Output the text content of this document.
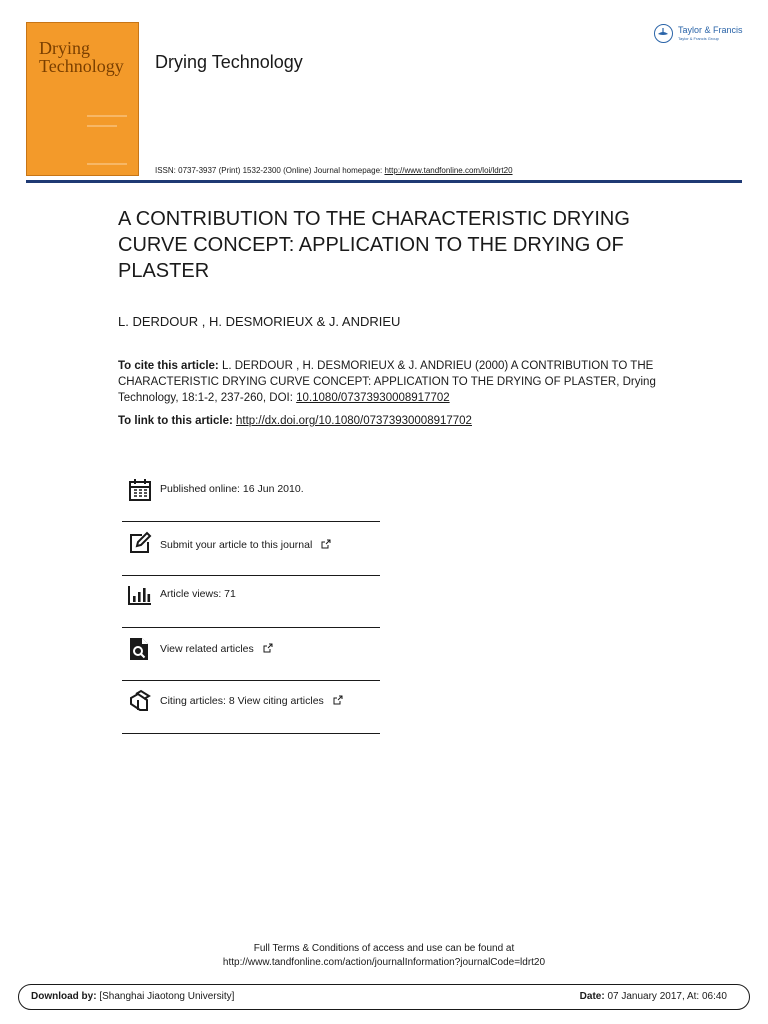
Drying
Technology Drying Technology
Taylor & Francis
Taylor & Francis Group
ISSN: 0737-3937 (Print) 1532-2300 (Online) Journal homepage: http://www.tandfonline.com/loi/ldrt20
A CONTRIBUTION TO THE CHARACTERISTIC DRYING CURVE CONCEPT: APPLICATION TO THE DRYING OF PLASTER
L. DERDOUR , H. DESMORIEUX & J. ANDRIEU
To cite this article: L. DERDOUR , H. DESMORIEUX & J. ANDRIEU (2000) A CONTRIBUTION TO THE CHARACTERISTIC DRYING CURVE CONCEPT: APPLICATION TO THE DRYING OF PLASTER, Drying Technology, 18:1-2, 237-260, DOI: 10.1080/07373930008917702
To link to this article: http://dx.doi.org/10.1080/07373930008917702
Published online: 16 Jun 2010.
Submit your article to this journal
Article views: 71
View related articles
Citing articles: 8 View citing articles
Full Terms & Conditions of access and use can be found at
http://www.tandfonline.com/action/journalInformation?journalCode=ldrt20
Download by: [Shanghai Jiaotong University]	Date: 07 January 2017, At: 06:40
